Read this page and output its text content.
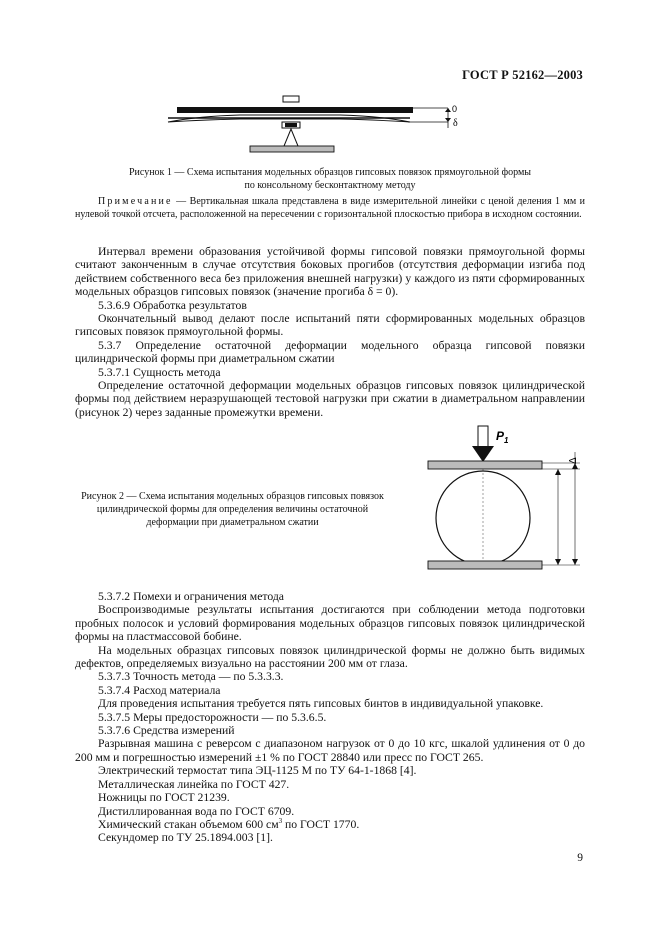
ГОСТ Р 52162—2003
0
δ
Рисунок 1 — Схема испытания модельных образцов гипсовых повязок прямоугольной формы
по консольному бесконтактному методу
Примечание — Вертикальная шкала представлена в виде измерительной линейки с ценой деления 1 мм и нулевой точкой отсчета, расположенной на пересечении с горизонтальной плоскостью прибора в исходном состоянии.

Интервал времени образования устойчивой формы гипсовой повязки прямоугольной формы считают законченным в случае отсутствия боковых прогибов (отсутствия деформации изгиба под действием собственного веса без приложения внешней нагрузки) у каждого из пяти сформированных модельных образцов гипсовых повязок (значение прогиба δ = 0).

5.3.6.9 Обработка результатов

Окончательный вывод делают после испытаний пяти сформированных модельных образцов гипсовых повязок прямоугольной формы.

5.3.7 Определение остаточной деформации модельного образца гипсовой повязки цилиндрической формы при диаметральном сжатии

5.3.7.1 Сущность метода

Определение остаточной деформации модельных образцов гипсовых повязок цилиндрической формы под действием неразрушающей тестовой нагрузки при сжатии в диаметральном направлении (рисунок 2) через заданные промежутки времени.

$P_1$
Δ
Рисунок 2 — Схема испытания модельных образцов гипсовых повязок
цилиндрической формы для определения величины остаточной
деформации при диаметральном сжатии

5.3.7.2 Помехи и ограничения метода

Воспроизводимые результаты испытания достигаются при соблюдении метода подготовки пробных полосок и условий формирования модельных образцов гипсовых повязок цилиндрической формы на пластмассовой бобине.

На модельных образцах гипсовых повязок цилиндрической формы не должно быть видимых дефектов, определяемых визуально на расстоянии 200 мм от глаза.

5.3.7.3 Точность метода — по 5.3.3.3.

5.3.7.4 Расход материала

Для проведения испытания требуется пять гипсовых бинтов в индивидуальной упаковке.

5.3.7.5 Меры предосторожности — по 5.3.6.5.

5.3.7.6 Средства измерений

Разрывная машина с реверсом с диапазоном нагрузок от 0 до 10 кгс, шкалой удлинения от 0 до 200 мм и погрешностью измерений ±1 % по ГОСТ 28840 или пресс по ГОСТ 265.

Электрический термостат типа ЭЦ-1125 М по ТУ 64-1-1868 [4].

Металлическая линейка по ГОСТ 427.

Ножницы по ГОСТ 21239.

Дистиллированная вода по ГОСТ 6709.

Химический стакан объемом 600 $см^3$ по ГОСТ 1770.

Секундомер по ТУ 25.1894.003 [1].

9
